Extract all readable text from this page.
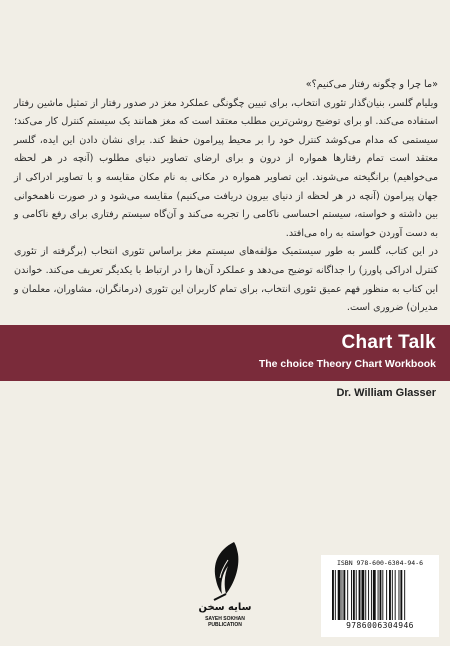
«ما چرا و چگونه رفتار می‌کنیم؟»

ویلیام گلسر، بنیان‌گذار تئوری انتخاب، برای تبیین چگونگی عملکرد مغز در صدور رفتار از تمثیل ماشین رفتار استفاده می‌کند. او برای توضیح روشن‌ترین مطلب معتقد است که مغز همانند یک سیستم کنترل کار می‌کند؛ سیستمی که مدام می‌کوشد کنترل خود را بر محیط پیرامون حفظ کند. برای نشان دادن این ایده، گلسر معتقد است تمام رفتارها همواره از درون و برای ارضای تصاویر دنیای مطلوب (آنچه در هر لحظه می‌خواهیم) برانگیخته می‌شوند. این تصاویر همواره در مکانی به نام مکان مقایسه و با تصاویر ادراکی از جهان پیرامون (آنچه در هر لحظه از دنیای بیرون دریافت می‌کنیم) مقایسه می‌شود و در صورت ناهمخوانی بین داشته و خواسته، سیستم احساسی ناکامی را تجربه می‌کند و آن‌گاه سیستم رفتاری برای رفع ناکامی و به دست آوردن خواسته به راه می‌افتد.

در این کتاب، گلسر به طور سیستمیک مؤلفه‌های سیستم مغز براساس تئوری انتخاب (برگرفته از تئوری کنترل ادراکی پاورز) را جداگانه توضیح می‌دهد و عملکرد آن‌ها را در ارتباط با یکدیگر تعریف می‌کند. خواندن این کتاب به منظور فهم عمیق تئوری انتخاب، برای تمام کاربران این تئوری (درمانگران، مشاوران، معلمان و مدیران) ضروری است.

Chart Talk
The choice Theory Chart Workbook
Dr. William Glasser
سایه سخن
SAYEH SOKHAN
PUBLICATION
ISBN 978-600-6304-94-6
9786006304946
